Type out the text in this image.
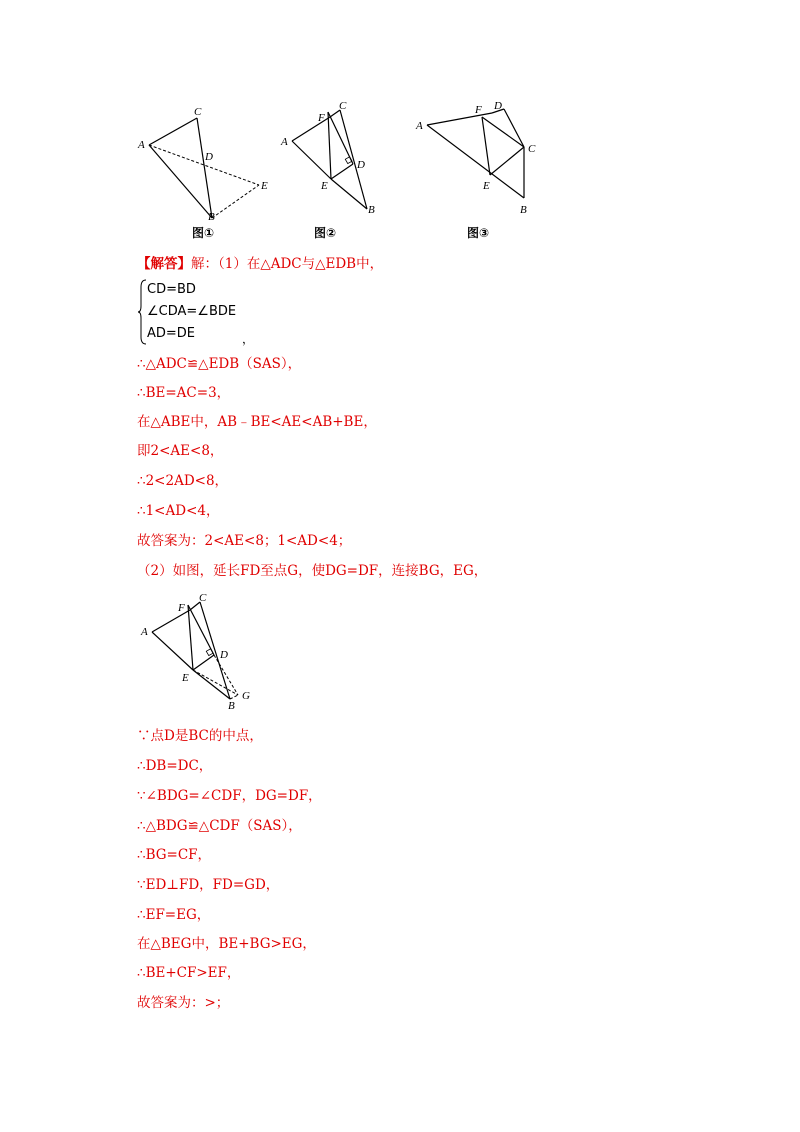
A
C
D
E
B
图①
A
F
C
D
E
B
图②
A
F D
C
E
B
图③
【解答】解：（1）在△ADC与△EDB中，
CD=BD
∠CDA=∠BDE
AD=DE	，
∴△ADC≌△EDB（SAS），
∴BE=AC=3，
在△ABE中，AB﹣BE<AE<AB+BE，
即2<AE<8，
∴2<2AD<8，
∴1<AD<4，
故答案为：2<AE<8；1<AD<4；
（2）如图，延长FD至点G，使DG=DF，连接BG，EG，
A
F
C
D
E
B
G
∵点D是BC的中点，
∴DB=DC，
∵∠BDG=∠CDF，DG=DF，
∴△BDG≌△CDF（SAS），
∴BG=CF，
∵ED⊥FD，FD=GD，
∴EF=EG，
在△BEG中，BE+BG>EG，
∴BE+CF>EF，
故答案为：>；
